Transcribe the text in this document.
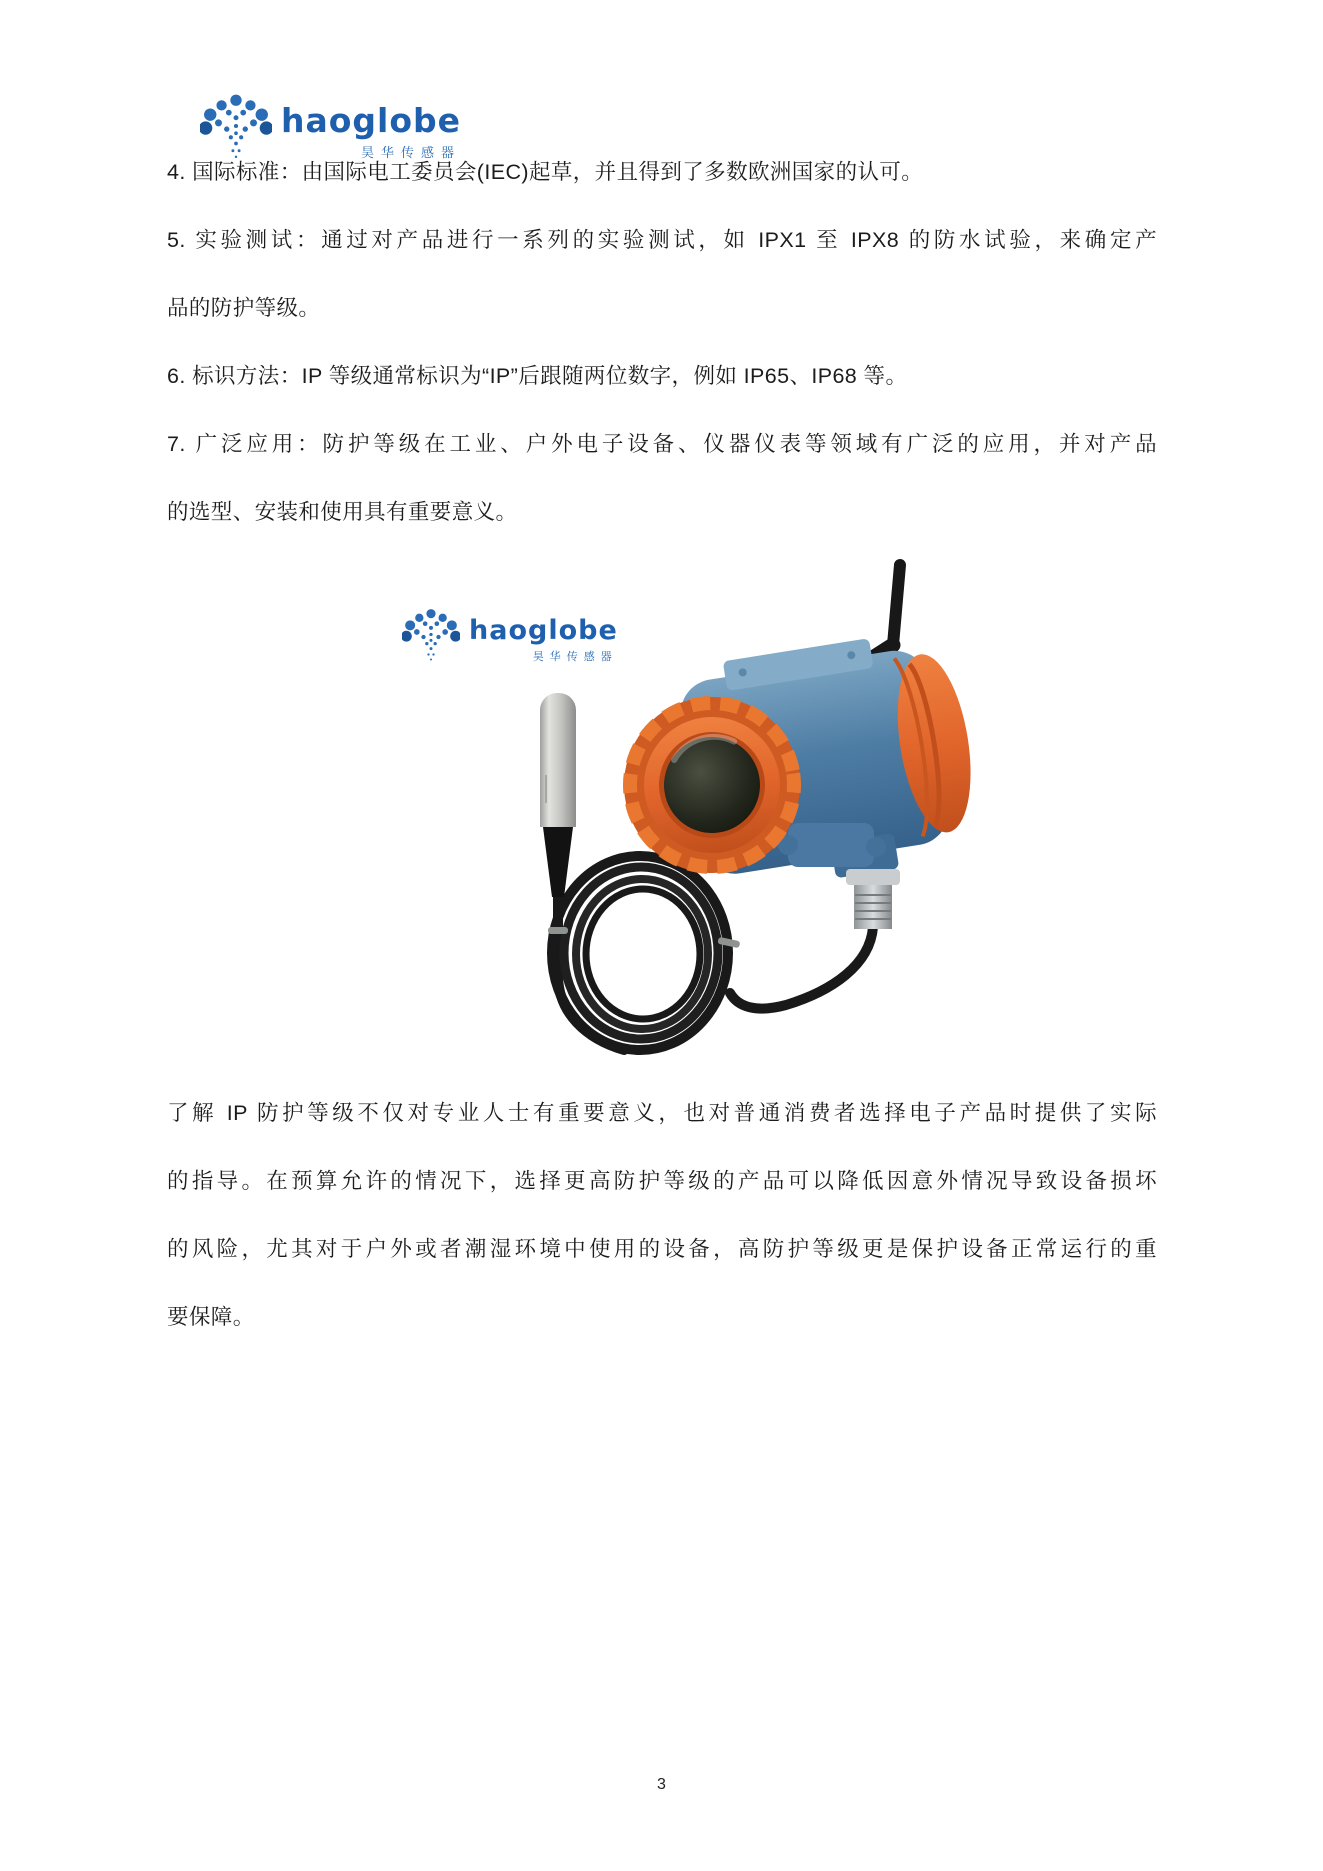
haoglobe
昊华传感器
4. 国际标准：由国际电工委员会(IEC)起草，并且得到了多数欧洲国家的认可。
5. 实验测试：通过对产品进行一系列的实验测试，如 IPX1 至 IPX8 的防水试验，来确定产
品的防护等级。
6. 标识方法：IP 等级通常标识为“IP”后跟随两位数字，例如 IP65、IP68 等。
7. 广泛应用：防护等级在工业、户外电子设备、仪器仪表等领域有广泛的应用，并对产品
的选型、安装和使用具有重要意义。
haoglobe
昊华传感器
了解 IP 防护等级不仅对专业人士有重要意义，也对普通消费者选择电子产品时提供了实际
的指导。在预算允许的情况下，选择更高防护等级的产品可以降低因意外情况导致设备损坏
的风险，尤其对于户外或者潮湿环境中使用的设备，高防护等级更是保护设备正常运行的重
要保障。
3
